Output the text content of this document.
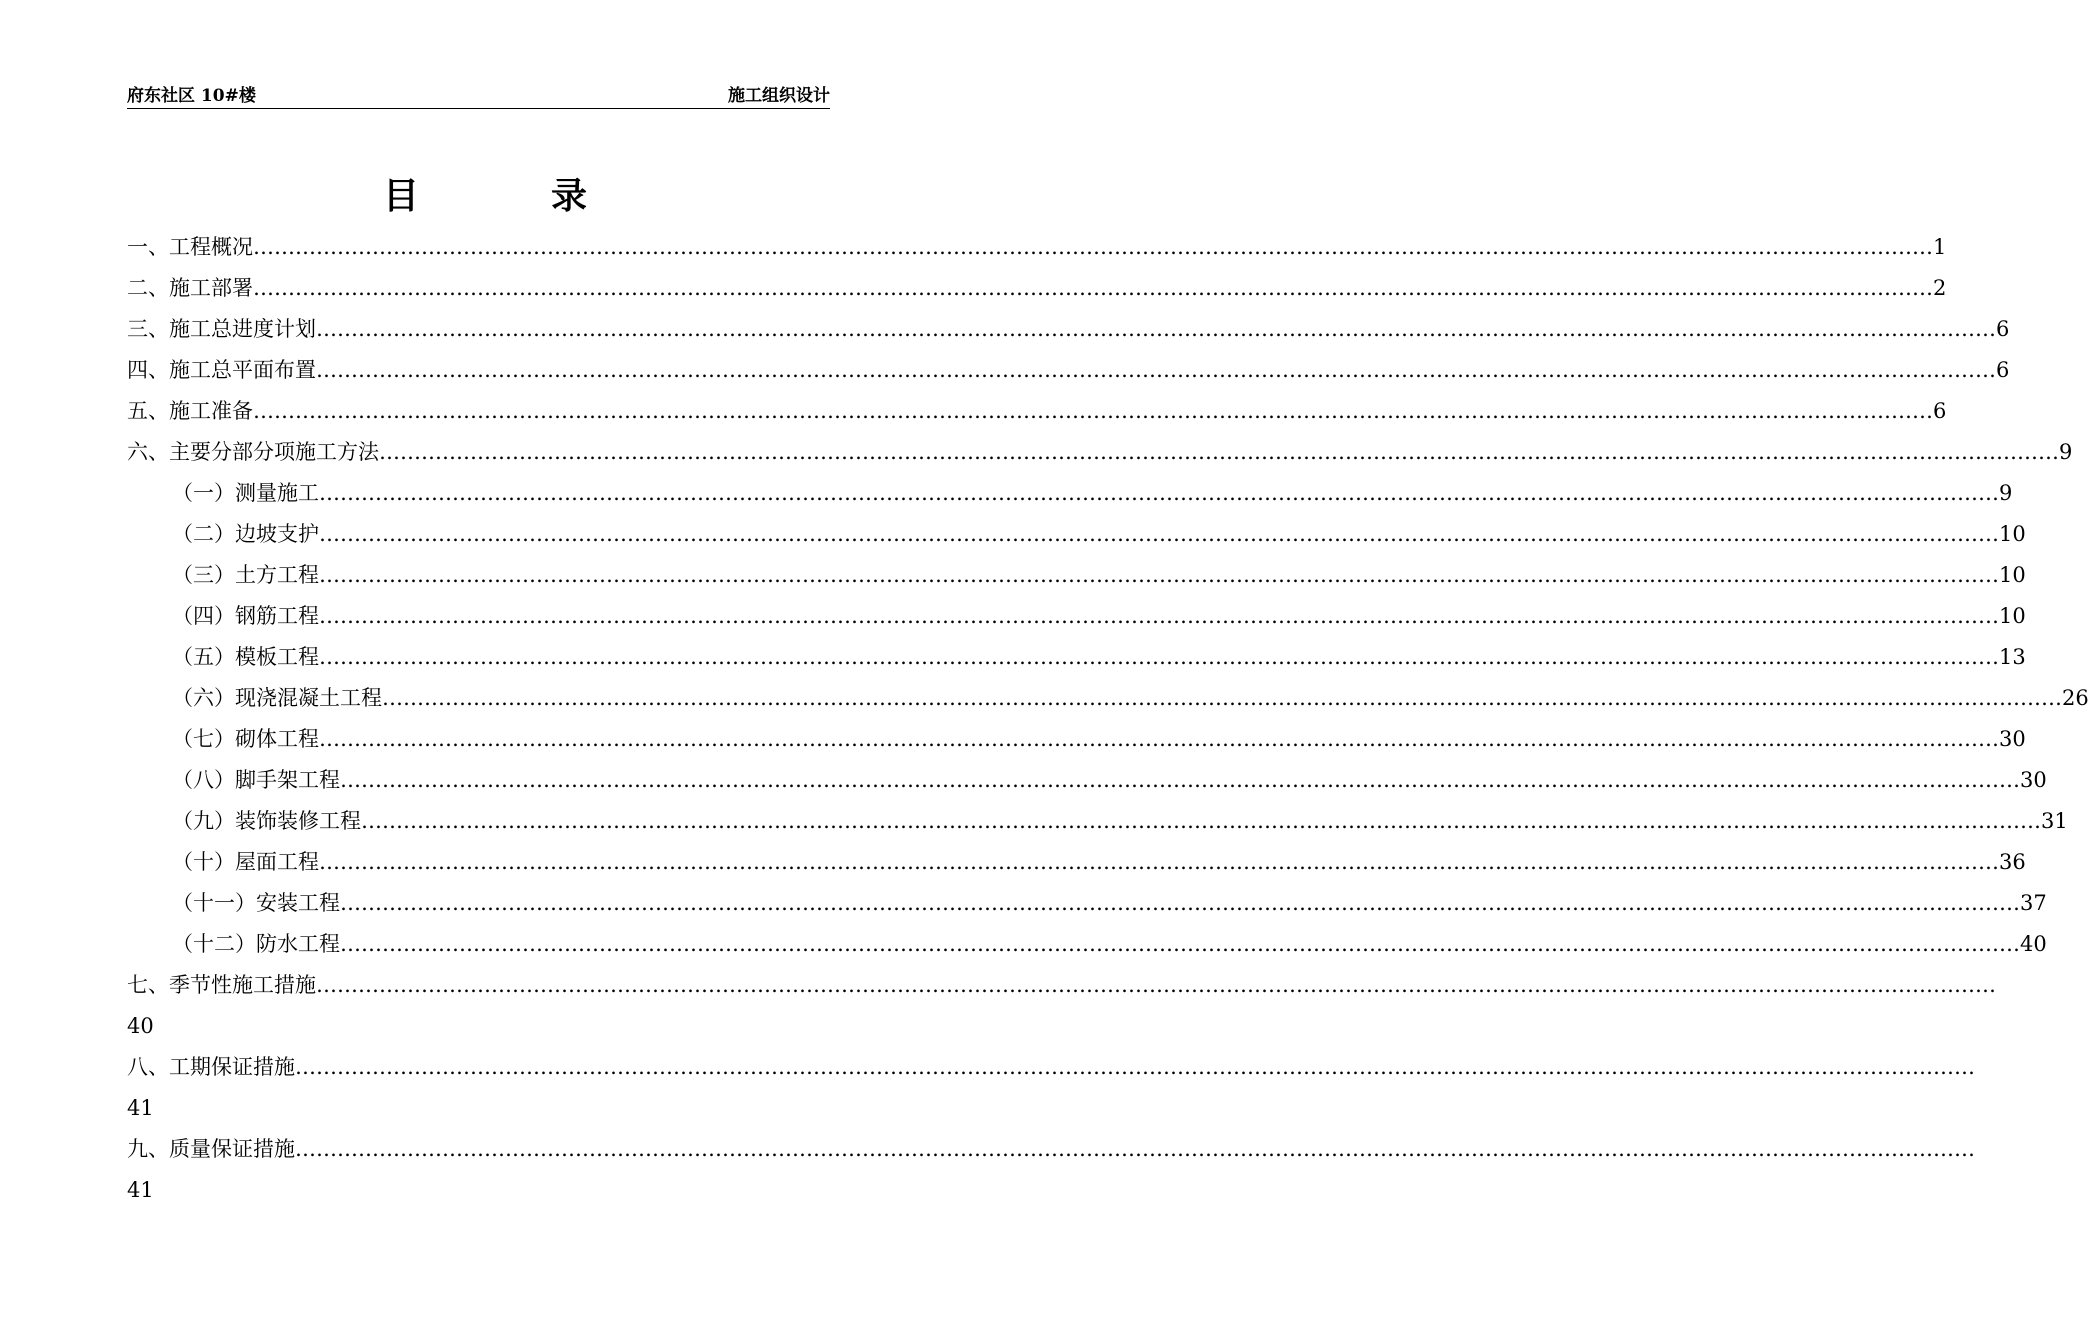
府东社区 10#楼	施工组织设计
目	录
一、工程概况 …………………………………………………………………………………………………………………………………………………………………………………………………………………… 1
二、施工部署 …………………………………………………………………………………………………………………………………………………………………………………………………………………… 2
三、施工总进度计划 …………………………………………………………………………………………………………………………………………………………………………………………………………………… 6
四、施工总平面布置 …………………………………………………………………………………………………………………………………………………………………………………………………………………… 6
五、施工准备 …………………………………………………………………………………………………………………………………………………………………………………………………………………… 6
六、主要分部分项施工方法 …………………………………………………………………………………………………………………………………………………………………………………………………………………… 9
（一）测量施工 …………………………………………………………………………………………………………………………………………………………………………………………………………………… 9
（二）边坡支护 …………………………………………………………………………………………………………………………………………………………………………………………………………………… 10
（三）土方工程 …………………………………………………………………………………………………………………………………………………………………………………………………………………… 10
（四）钢筋工程 …………………………………………………………………………………………………………………………………………………………………………………………………………………… 10
（五）模板工程 …………………………………………………………………………………………………………………………………………………………………………………………………………………… 13
（六）现浇混凝土工程 …………………………………………………………………………………………………………………………………………………………………………………………………………………… 26
（七）砌体工程 …………………………………………………………………………………………………………………………………………………………………………………………………………………… 30
（八）脚手架工程 …………………………………………………………………………………………………………………………………………………………………………………………………………………… 30
（九）装饰装修工程 …………………………………………………………………………………………………………………………………………………………………………………………………………………… 31
（十）屋面工程 …………………………………………………………………………………………………………………………………………………………………………………………………………………… 36
（十一）安装工程 …………………………………………………………………………………………………………………………………………………………………………………………………………………… 37
（十二）防水工程 …………………………………………………………………………………………………………………………………………………………………………………………………………………… 40
七、季节性施工措施 ……………………………………………………………………………………………………………………………………………………………………………………………………………………
40
八、工期保证措施 ……………………………………………………………………………………………………………………………………………………………………………………………………………………
41
九、质量保证措施 ……………………………………………………………………………………………………………………………………………………………………………………………………………………
41
